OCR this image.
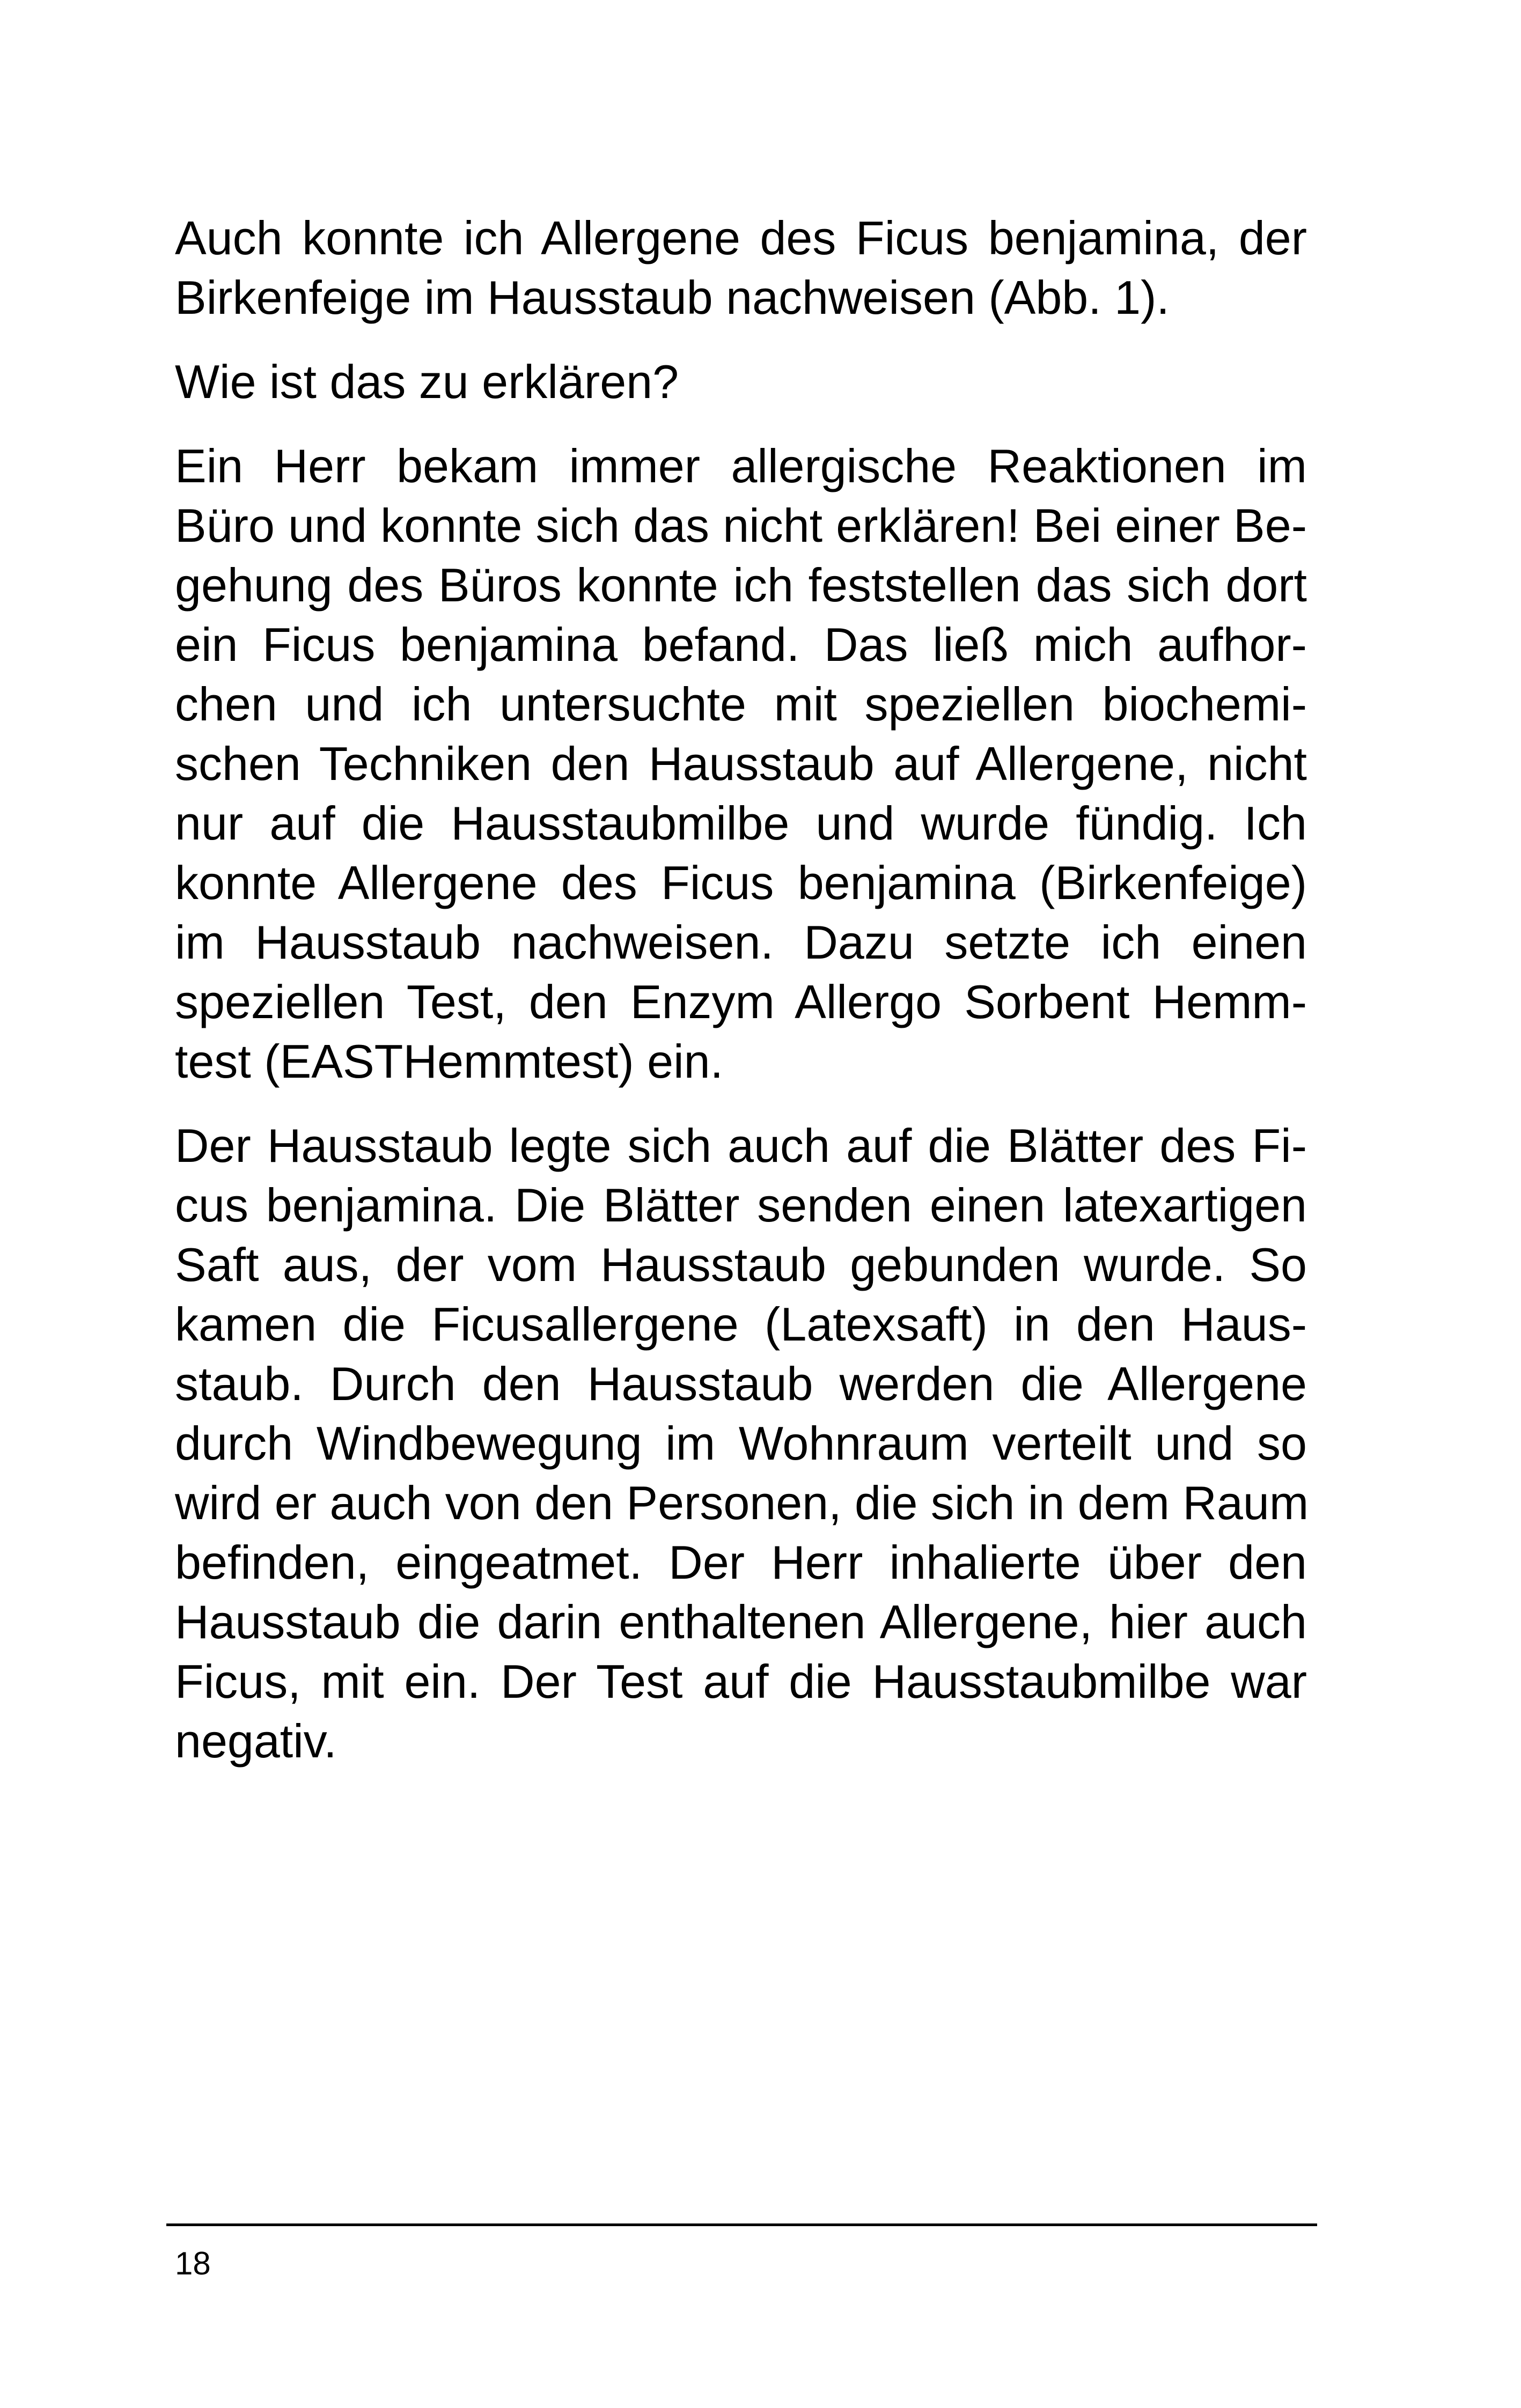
Auch konnte ich Allergene des Ficus benjamina, der
Birkenfeige im Hausstaub nachweisen (Abb. 1).
Wie ist das zu erklären?
Ein Herr bekam immer allergische Reaktionen im
Büro und konnte sich das nicht erklären! Bei einer Be-
gehung des Büros konnte ich feststellen das sich dort
ein Ficus benjamina befand. Das ließ mich aufhor-
chen und ich untersuchte mit speziellen biochemi-
schen Techniken den Hausstaub auf Allergene, nicht
nur auf die Hausstaubmilbe und wurde fündig. Ich
konnte Allergene des Ficus benjamina (Birkenfeige)
im Hausstaub nachweisen. Dazu setzte ich einen
speziellen Test, den Enzym Allergo Sorbent Hemm-
test (EASTHemmtest) ein.
Der Hausstaub legte sich auch auf die Blätter des Fi-
cus benjamina. Die Blätter senden einen latexartigen
Saft aus, der vom Hausstaub gebunden wurde. So
kamen die Ficusallergene (Latexsaft) in den Haus-
staub. Durch den Hausstaub werden die Allergene
durch Windbewegung im Wohnraum verteilt und so
wird er auch von den Personen, die sich in dem Raum
befinden, eingeatmet. Der Herr inhalierte über den
Hausstaub die darin enthaltenen Allergene, hier auch
Ficus, mit ein. Der Test auf die Hausstaubmilbe war
negativ.
18
